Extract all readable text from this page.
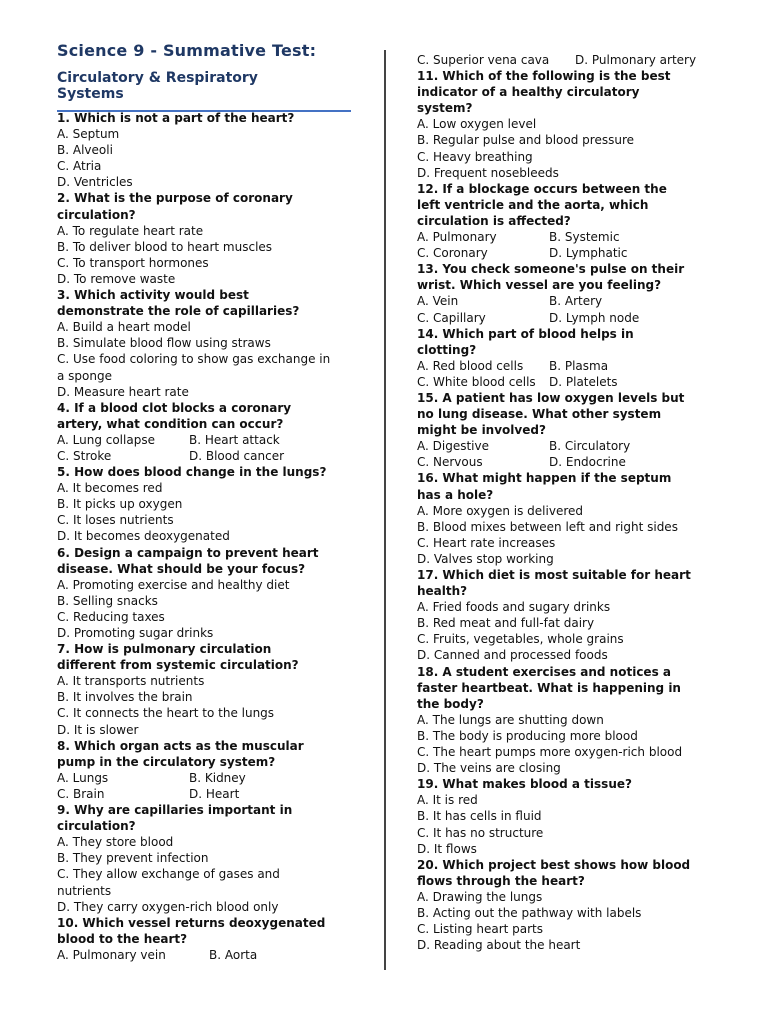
Science 9 - Summative Test:
Circulatory & Respiratory
Systems
1. Which is not a part of the heart?
A. Septum
B. Alveoli
C. Atria
D. Ventricles
2. What is the purpose of coronary
circulation?
A. To regulate heart rate
B. To deliver blood to heart muscles
C. To transport hormones
D. To remove waste
3. Which activity would best
demonstrate the role of capillaries?
A. Build a heart model
B. Simulate blood flow using straws
C. Use food coloring to show gas exchange in
a sponge
D. Measure heart rate
4. If a blood clot blocks a coronary
artery, what condition can occur?
A. Lung collapse	B. Heart attack
C. Stroke	D. Blood cancer
5. How does blood change in the lungs?
A. It becomes red
B. It picks up oxygen
C. It loses nutrients
D. It becomes deoxygenated
6. Design a campaign to prevent heart
disease. What should be your focus?
A. Promoting exercise and healthy diet
B. Selling snacks
C. Reducing taxes
D. Promoting sugar drinks
7. How is pulmonary circulation
different from systemic circulation?
A. It transports nutrients
B. It involves the brain
C. It connects the heart to the lungs
D. It is slower
8. Which organ acts as the muscular
pump in the circulatory system?
A. Lungs	B. Kidney
C. Brain	D. Heart
9. Why are capillaries important in
circulation?
A. They store blood
B. They prevent infection
C. They allow exchange of gases and
nutrients
D. They carry oxygen-rich blood only
10. Which vessel returns deoxygenated
blood to the heart?
A. Pulmonary vein	B. Aorta
C. Superior vena cava D. Pulmonary artery
11. Which of the following is the best
indicator of a healthy circulatory
system?
A. Low oxygen level
B. Regular pulse and blood pressure
C. Heavy breathing
D. Frequent nosebleeds
12. If a blockage occurs between the
left ventricle and the aorta, which
circulation is affected?
A. Pulmonary	B. Systemic
C. Coronary	D. Lymphatic
13. You check someone's pulse on their
wrist. Which vessel are you feeling?
A. Vein	B. Artery
C. Capillary	D. Lymph node
14. Which part of blood helps in
clotting?
A. Red blood cells B. Plasma
C. White blood cells D. Platelets
15. A patient has low oxygen levels but
no lung disease. What other system
might be involved?
A. Digestive	B. Circulatory
C. Nervous	D. Endocrine
16. What might happen if the septum
has a hole?
A. More oxygen is delivered
B. Blood mixes between left and right sides
C. Heart rate increases
D. Valves stop working
17. Which diet is most suitable for heart
health?
A. Fried foods and sugary drinks
B. Red meat and full-fat dairy
C. Fruits, vegetables, whole grains
D. Canned and processed foods
18. A student exercises and notices a
faster heartbeat. What is happening in
the body?
A. The lungs are shutting down
B. The body is producing more blood
C. The heart pumps more oxygen-rich blood
D. The veins are closing
19. What makes blood a tissue?
A. It is red
B. It has cells in fluid
C. It has no structure
D. It flows
20. Which project best shows how blood
flows through the heart?
A. Drawing the lungs
B. Acting out the pathway with labels
C. Listing heart parts
D. Reading about the heart
